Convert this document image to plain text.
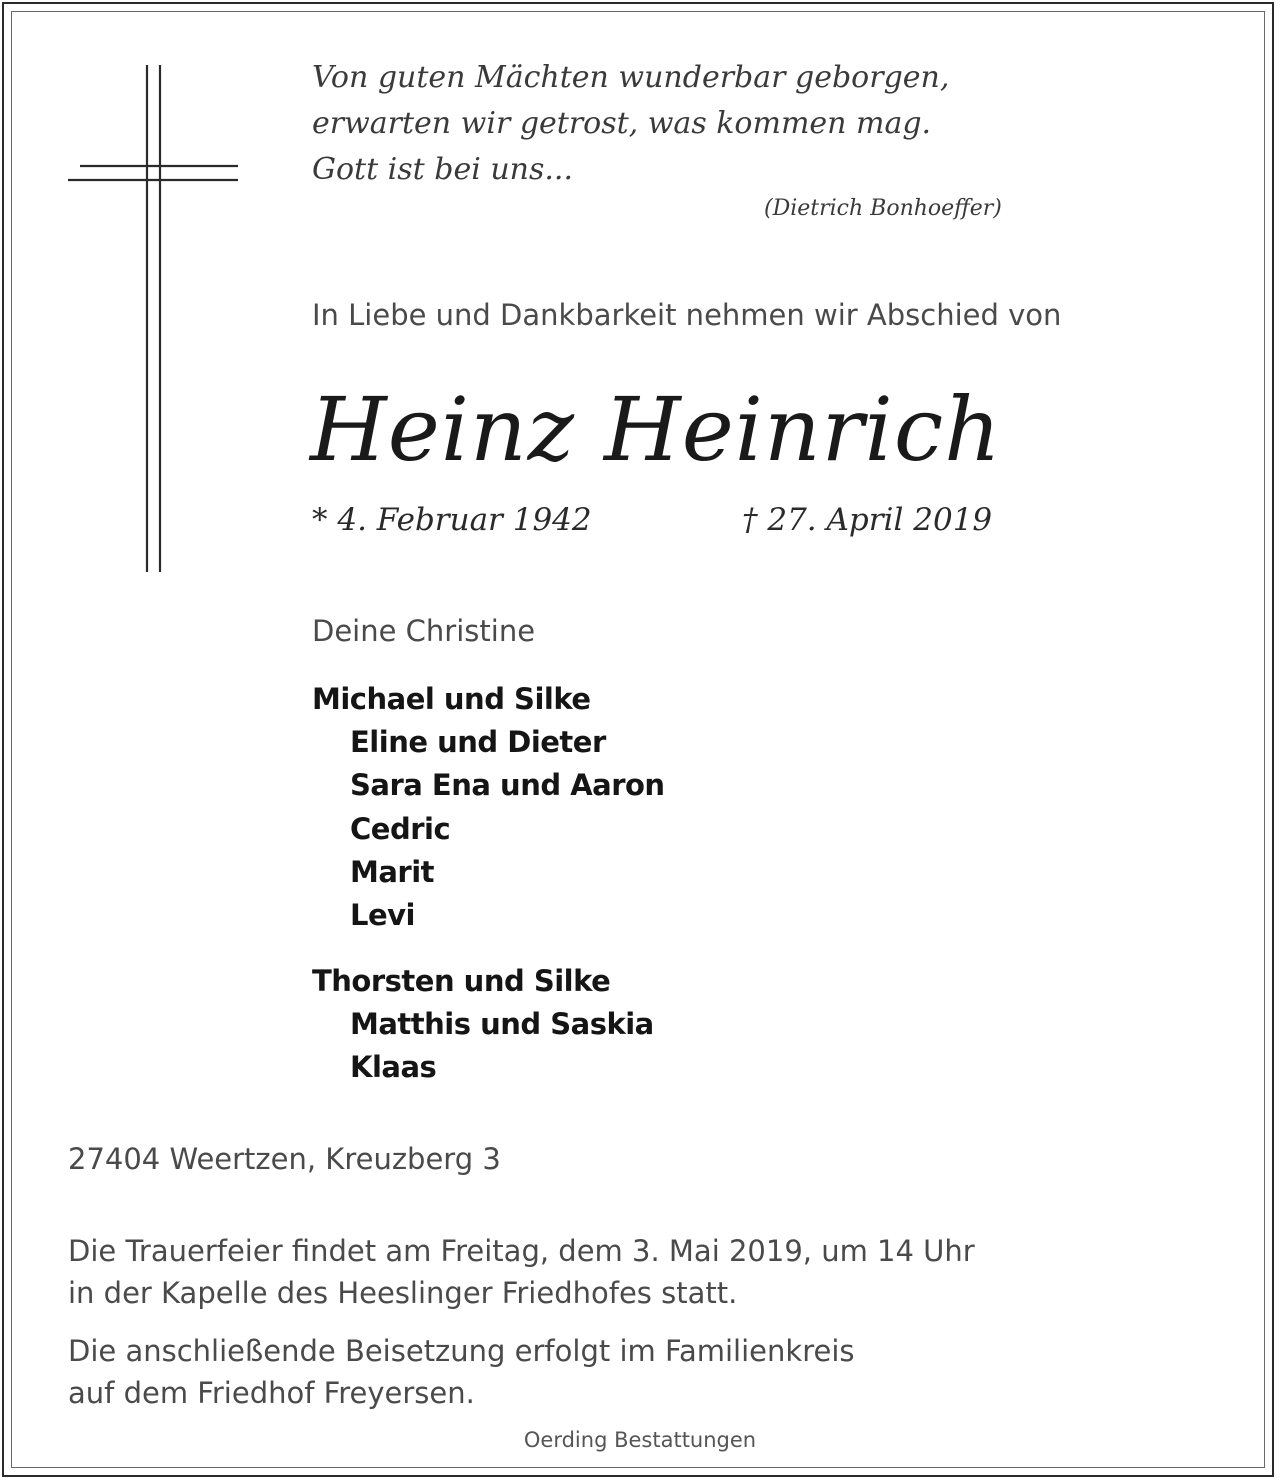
Von guten Mächten wunderbar geborgen,
erwarten wir getrost, was kommen mag.
Gott ist bei uns...
(Dietrich Bonhoeffer)
In Liebe und Dankbarkeit nehmen wir Abschied von
Heinz Heinrich
* 4. Februar 1942	† 27. April 2019
Deine Christine
Michael und Silke
Eline und Dieter
Sara Ena und Aaron
Cedric
Marit
Levi
Thorsten und Silke
Matthis und Saskia
Klaas
27404 Weertzen, Kreuzberg 3
Die Trauerfeier findet am Freitag, dem 3. Mai 2019, um 14 Uhr
in der Kapelle des Heeslinger Friedhofes statt.
Die anschließende Beisetzung erfolgt im Familienkreis
auf dem Friedhof Freyersen.
Oerding Bestattungen
